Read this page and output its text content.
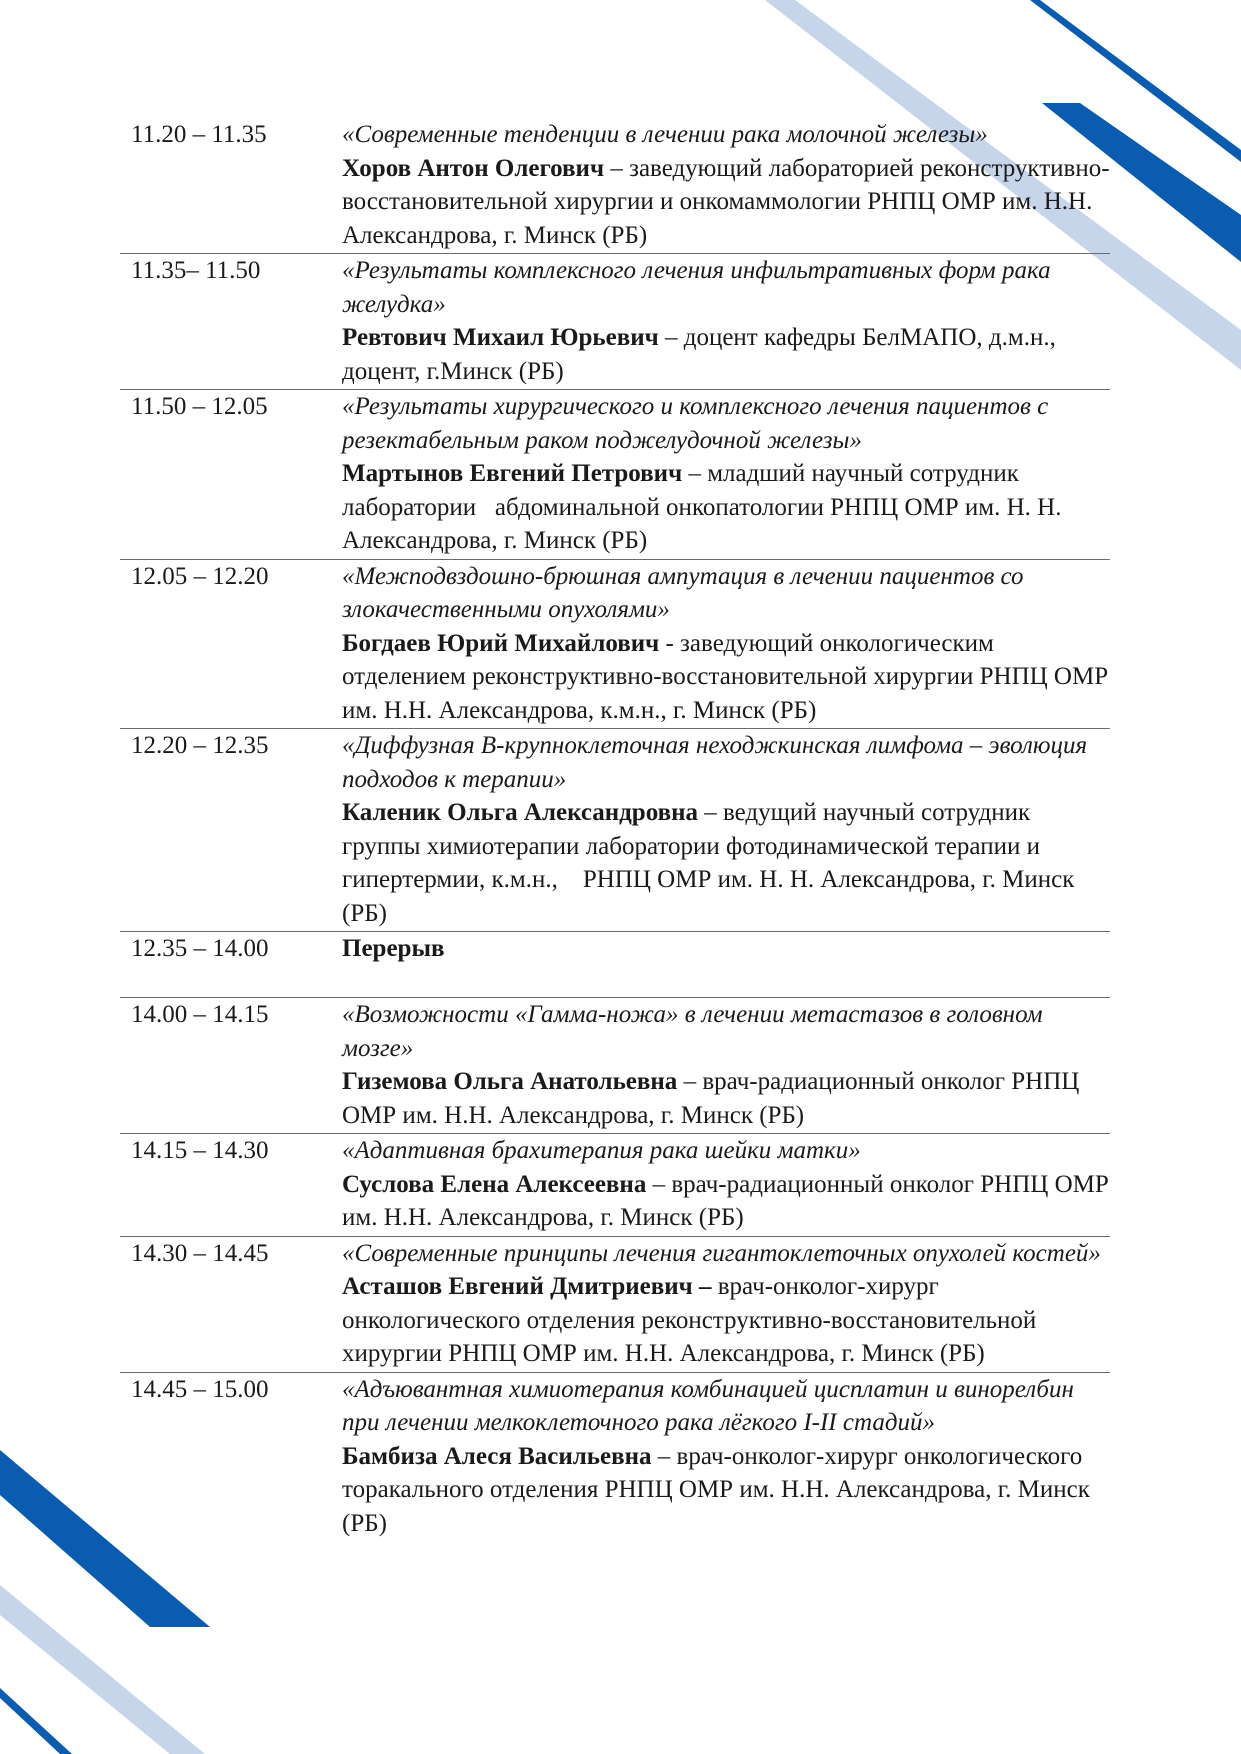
11.20 – 11.35	«Современные тенденции в лечении рака молочной железы»
Хоров Антон Олегович – заведующий лабораторией реконструктивно-восстановительной хирургии и онкомаммологии РНПЦ ОМР им. Н.Н. Александрова, г. Минск (РБ)
11.35– 11.50	«Результаты комплексного лечения инфильтративных форм рака желудка»
Ревтович Михаил Юрьевич – доцент кафедры БелМАПО, д.м.н., доцент, г.Минск (РБ)
11.50 – 12.05	«Результаты хирургического и комплексного лечения пациентов с резектабельным раком поджелудочной железы»
Мартынов Евгений Петрович – младший научный сотрудник лаборатории   абдоминальной онкопатологии РНПЦ ОМР им. Н. Н. Александрова, г. Минск (РБ)
12.05 – 12.20	«Межподвздошно-брюшная ампутация в лечении пациентов со злокачественными опухолями»
Богдаев Юрий Михайлович - заведующий онкологическим отделением реконструктивно-восстановительной хирургии РНПЦ ОМР им. Н.Н. Александрова, к.м.н., г. Минск (РБ)
12.20 – 12.35	«Диффузная В-крупноклеточная неходжкинская лимфома – эволюция подходов к терапии»
Каленик Ольга Александровна – ведущий научный сотрудник группы химиотерапии лаборатории фотодинамической терапии и гипертермии, к.м.н.,    РНПЦ ОМР им. Н. Н. Александрова, г. Минск (РБ)
12.35 – 14.00	Перерыв
14.00 – 14.15	«Возможности «Гамма-ножа» в лечении метастазов в головном мозге»
Гиземова Ольга Анатольевна – врач-радиационный онколог РНПЦ ОМР им. Н.Н. Александрова, г. Минск (РБ)
14.15 – 14.30	«Адаптивная брахитерапия рака шейки матки»
Суслова Елена Алексеевна – врач-радиационный онколог РНПЦ ОМР им. Н.Н. Александрова, г. Минск (РБ)
14.30 – 14.45	«Современные принципы лечения гигантоклеточных опухолей костей»
Асташов Евгений Дмитриевич – врач-онколог-хирург онкологического отделения реконструктивно-восстановительной хирургии РНПЦ ОМР им. Н.Н. Александрова, г. Минск (РБ)
14.45 – 15.00	«Адъювантная химиотерапия комбинацией цисплатин и винорелбин при лечении мелкоклеточного рака лёгкого I-II стадий»
Бамбиза Алеся Васильевна – врач-онколог-хирург онкологического торакального отделения РНПЦ ОМР им. Н.Н. Александрова, г. Минск (РБ)
